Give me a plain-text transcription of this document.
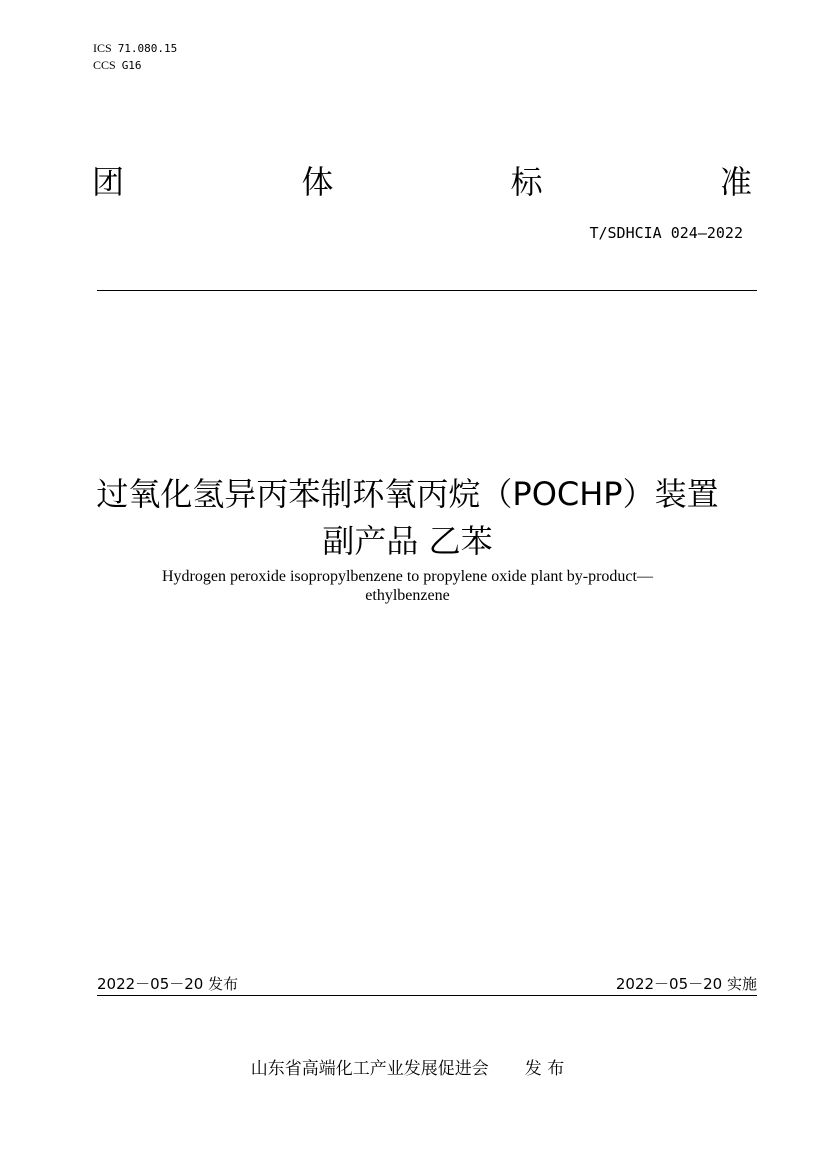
ICS 71.080.15
CCS G16
团	体	标	准
T/SDHCIA 024—2022
过氧化氢异丙苯制环氧丙烷（POCHP）装置
副产品 乙苯
Hydrogen peroxide isopropylbenzene to propylene oxide plant by-product—
ethylbenzene
2022－05－20 发布	2022－05－20 实施
山东省高端化工产业发展促进会 发 布
